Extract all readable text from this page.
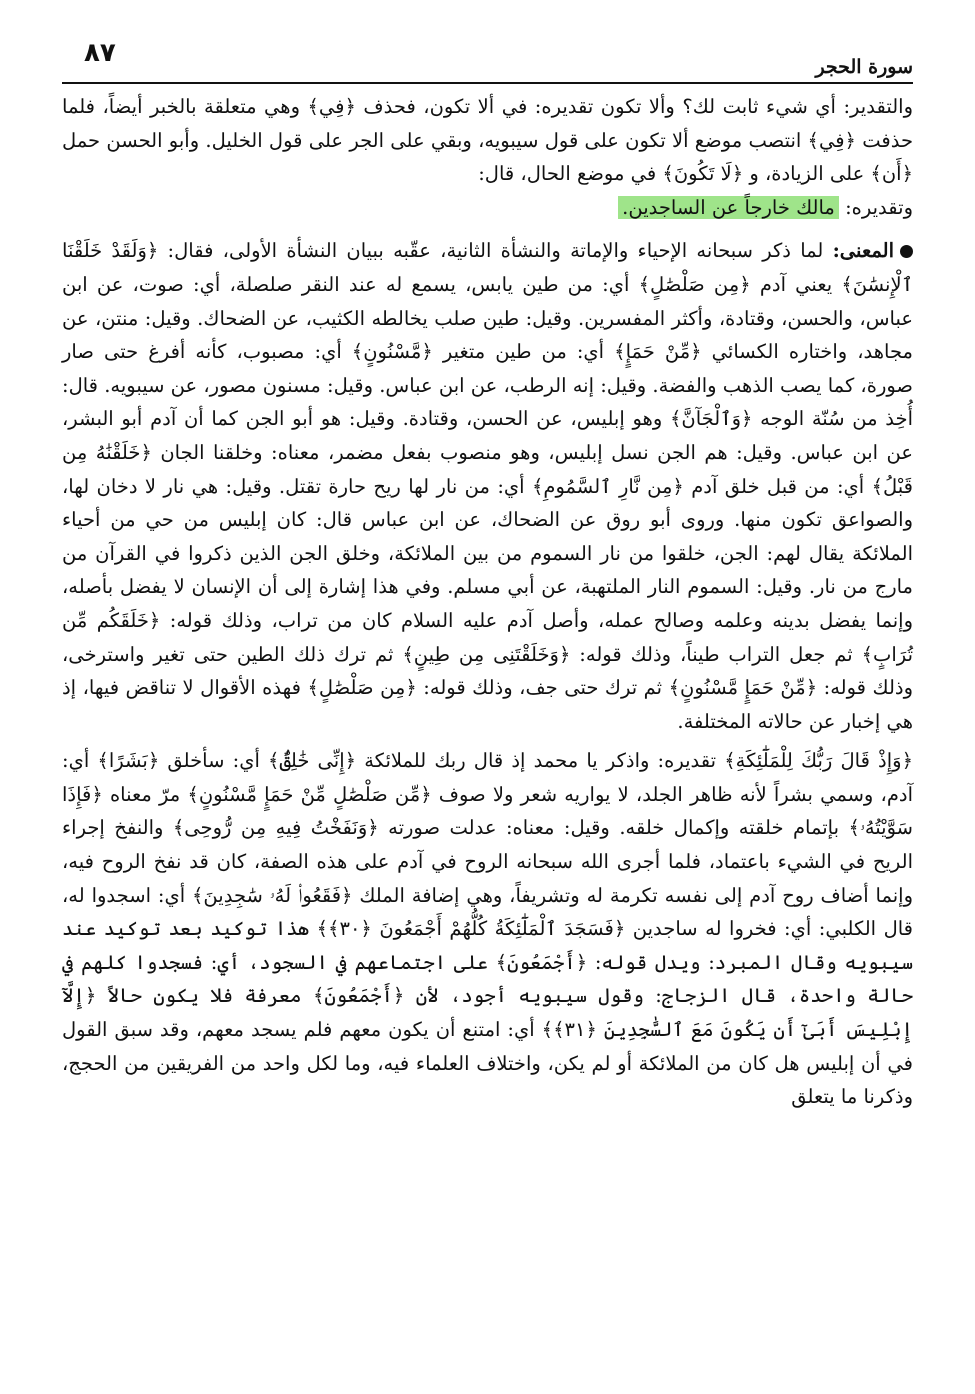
٨٧	سورة الحجر

والتقدير: أي شيء ثابت لك؟ وألا تكون تقديره: في ألا تكون، فحذف ﴿فِي﴾ وهي متعلقة بالخبر أيضاً، فلما حذفت ﴿فِي﴾ انتصب موضع ألا تكون على قول سيبويه، وبقي على الجر على قول الخليل. وأبو الحسن حمل ﴿أَن﴾ على الزيادة، و ﴿لَا تَكُونَ﴾ في موضع الحال، قال:
وتقديره: مالك خارجاً عن الساجدين.

المعنى: لما ذكر سبحانه الإحياء والإماتة والنشأة الثانية، عقّبه ببيان النشأة الأولى، فقال: ﴿وَلَقَدْ خَلَقْنَا ٱلْإِنسَٰنَ﴾ يعني آدم ﴿مِن صَلْصَٰلٍ﴾ أي: من طين يابس، يسمع له عند النقر صلصلة، أي: صوت، عن ابن عباس، والحسن، وقتادة، وأكثر المفسرين. وقيل: طين صلب يخالطه الكثيب، عن الضحاك. وقيل: منتن، عن مجاهد، واختاره الكسائي ﴿مِّنْ حَمَإٍ﴾ أي: من طين متغير ﴿مَّسْنُونٍ﴾ أي: مصبوب، كأنه أفرغ حتى صار صورة، كما يصب الذهب والفضة. وقيل: إنه الرطب، عن ابن عباس. وقيل: مسنون مصور، عن سيبويه. قال: أُخِذ من سُنّة الوجه ﴿وَٱلْجَآنَّ﴾ وهو إبليس، عن الحسن، وقتادة. وقيل: هو أبو الجن كما أن آدم أبو البشر، عن ابن عباس. وقيل: هم الجن نسل إبليس، وهو منصوب بفعل مضمر، معناه: وخلقنا الجان ﴿خَلَقْنَٰهُ مِن قَبْلُ﴾ أي: من قبل خلق آدم ﴿مِن نَّارِ ٱلسَّمُومِ﴾ أي: من نار لها ريح حارة تقتل. وقيل: هي نار لا دخان لها، والصواعق تكون منها. وروى أبو روق عن الضحاك، عن ابن عباس قال: كان إبليس من حي من أحياء الملائكة يقال لهم: الجن، خلقوا من نار السموم من بين الملائكة، وخلق الجن الذين ذكروا في القرآن من مارج من نار. وقيل: السموم النار الملتهبة، عن أبي مسلم. وفي هذا إشارة إلى أن الإنسان لا يفضل بأصله، وإنما يفضل بدينه وعلمه وصالح عمله، وأصل آدم عليه السلام كان من تراب، وذلك قوله: ﴿خَلَقَكُم مِّن تُرَابٍ﴾ ثم جعل التراب طيناً، وذلك قوله: ﴿وَخَلَقْتَنِى مِن طِينٍ﴾ ثم ترك ذلك الطين حتى تغير واسترخى، وذلك قوله: ﴿مِّنْ حَمَإٍ مَّسْنُونٍ﴾ ثم ترك حتى جف، وذلك قوله: ﴿مِن صَلْصَٰلٍ﴾ فهذه الأقوال لا تناقض فيها، إذ هي إخبار عن حالاته المختلفة.

﴿وَإِذْ قَالَ رَبُّكَ لِلْمَلَٰٓئِكَةِ﴾ تقديره: واذكر يا محمد إذ قال ربك للملائكة ﴿إِنِّى خَٰلِقٌۢ﴾ أي: سأخلق ﴿بَشَرًا﴾ أي: آدم، وسمي بشراً لأنه ظاهر الجلد، لا يواريه شعر ولا صوف ﴿مِّن صَلْصَٰلٍ مِّنْ حَمَإٍ مَّسْنُونٍ﴾ مرّ معناه ﴿فَإِذَا سَوَّيْتُهُۥ﴾ بإتمام خلقته وإكمال خلقه. وقيل: معناه: عدلت صورته ﴿وَنَفَخْتُ فِيهِ مِن رُّوحِى﴾ والنفخ إجراء الريح في الشيء باعتماد، فلما أجرى الله سبحانه الروح في آدم على هذه الصفة، كان قد نفخ الروح فيه، وإنما أضاف روح آدم إلى نفسه تكرمة له وتشريفاً، وهي إضافة الملك ﴿فَقَعُوا۟ لَهُۥ سَٰجِدِينَ﴾ أي: اسجدوا له، قال الكلبي: أي: فخروا له ساجدين ﴿فَسَجَدَ ٱلْمَلَٰٓئِكَةُ كُلُّهُمْ أَجْمَعُونَ ﴿٣٠﴾﴾ هذا توكيد بعد توكيد عند سيبويه وقال المبرد: ويدل قوله: ﴿أَجْمَعُونَ﴾ على اجتماعهم في السجود، أي: فسجدوا كلهم في حالة واحدة، قال الزجاج: وقول سيبويه أجود، لأن ﴿أَجْمَعُونَ﴾ معرفة فلا يكون حالاً ﴿إِلَّآ إِبْلِيسَ أَبَىٰٓ أَن يَكُونَ مَعَ ٱلسَّٰجِدِينَ ﴿٣١﴾﴾ أي: امتنع أن يكون معهم فلم يسجد معهم، وقد سبق القول في أن إبليس هل كان من الملائكة أو لم يكن، واختلاف العلماء فيه، وما لكل واحد من الفريقين من الحجج، وذكرنا ما يتعلق
